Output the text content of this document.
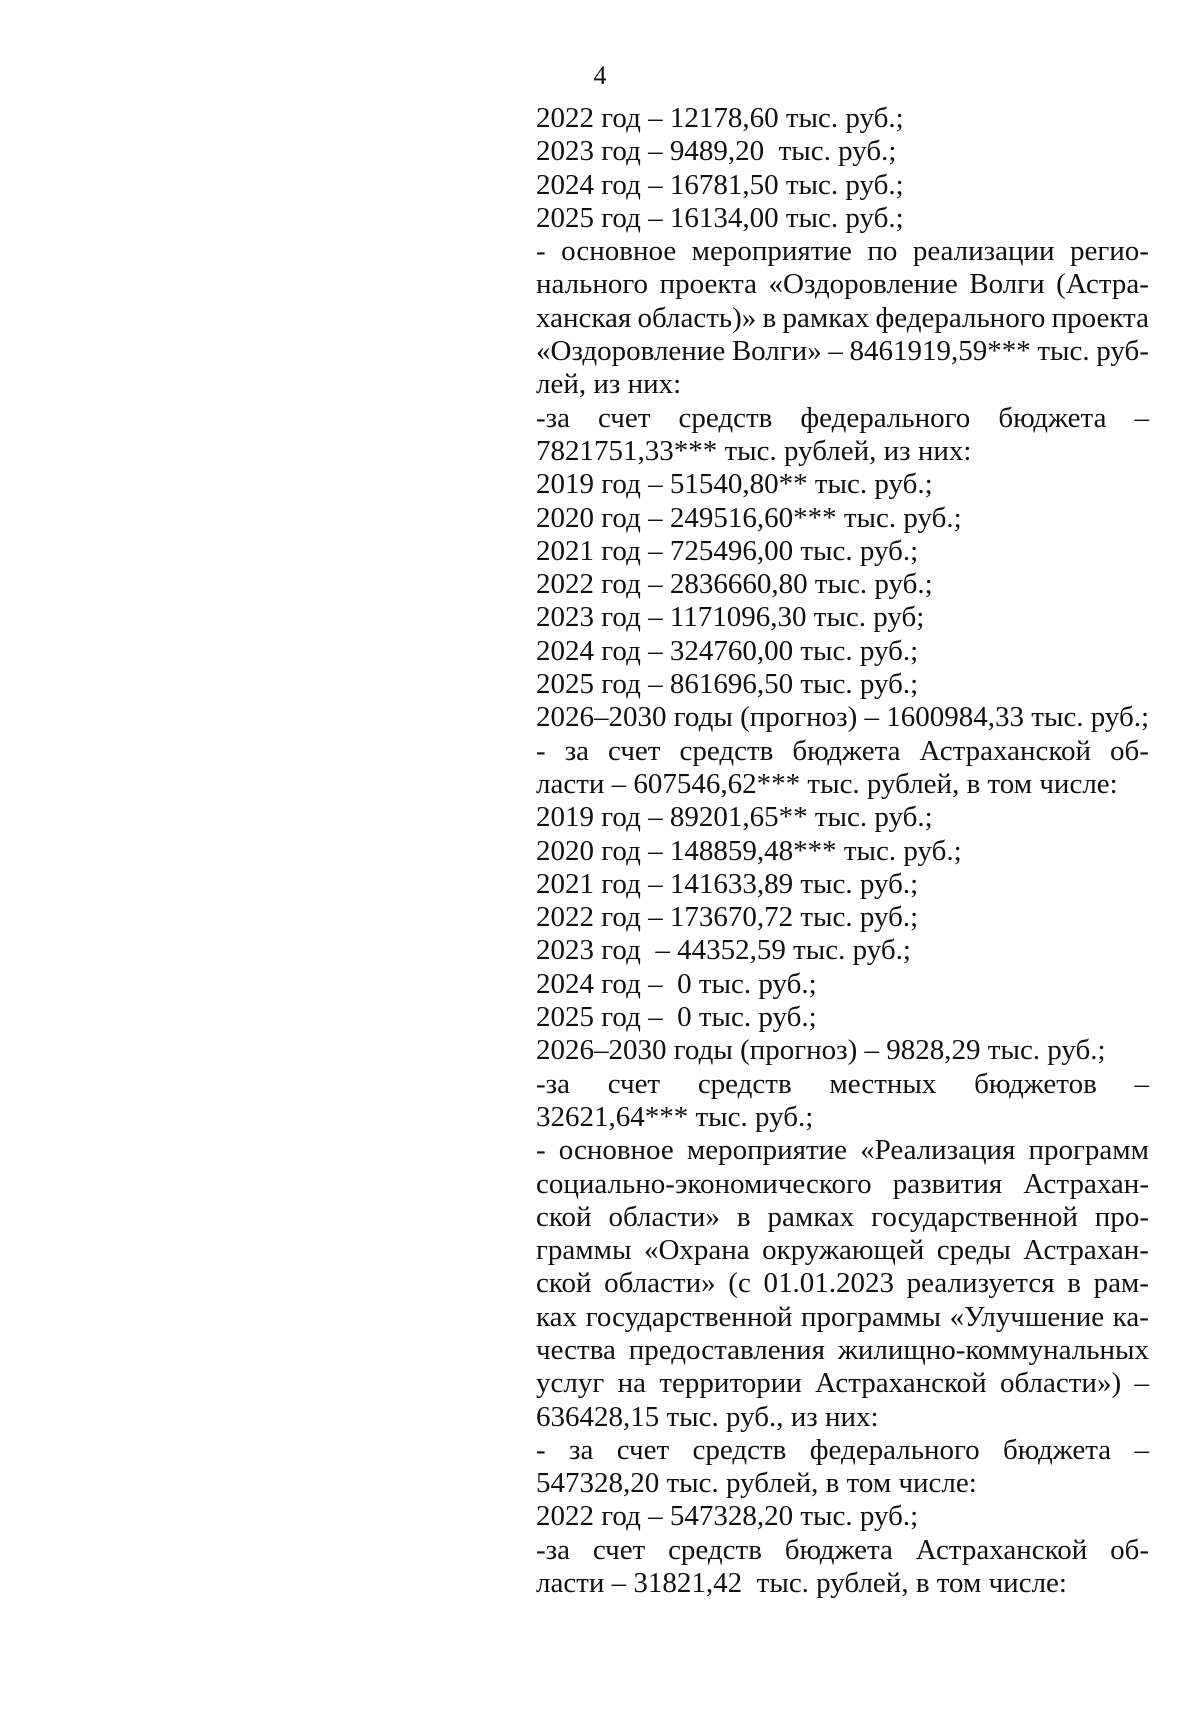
4
2022 год – 12178,60 тыс. руб.;
2023 год – 9489,20  тыс. руб.;
2024 год – 16781,50 тыс. руб.;
2025 год – 16134,00 тыс. руб.;
- основное мероприятие по реализации регио-
нального проекта «Оздоровление Волги (Астра-
ханская область)» в рамках федерального проекта
«Оздоровление Волги» – 8461919,59*** тыс. руб-
лей, из них:
-за счет средств федерального бюджета –
7821751,33*** тыс. рублей, из них:
2019 год – 51540,80** тыс. руб.;
2020 год – 249516,60*** тыс. руб.;
2021 год – 725496,00 тыс. руб.;
2022 год – 2836660,80 тыс. руб.;
2023 год – 1171096,30 тыс. руб;
2024 год – 324760,00 тыс. руб.;
2025 год – 861696,50 тыс. руб.;
2026–2030 годы (прогноз) – 1600984,33 тыс. руб.;
- за счет средств бюджета Астраханской об-
ласти – 607546,62*** тыс. рублей, в том числе:
2019 год – 89201,65** тыс. руб.;
2020 год – 148859,48*** тыс. руб.;
2021 год – 141633,89 тыс. руб.;
2022 год – 173670,72 тыс. руб.;
2023 год  – 44352,59 тыс. руб.;
2024 год –  0 тыс. руб.;
2025 год –  0 тыс. руб.;
2026–2030 годы (прогноз) – 9828,29 тыс. руб.;
-за счет средств местных бюджетов –
32621,64*** тыс. руб.;
- основное мероприятие «Реализация программ
социально-экономического развития Астрахан-
ской области» в рамках государственной про-
граммы «Охрана окружающей среды Астрахан-
ской области» (с 01.01.2023 реализуется в рам-
ках государственной программы «Улучшение ка-
чества предоставления жилищно-коммунальных
услуг на территории Астраханской области») –
636428,15 тыс. руб., из них:
- за счет средств федерального бюджета –
547328,20 тыс. рублей, в том числе:
2022 год – 547328,20 тыс. руб.;
-за счет средств бюджета Астраханской об-
ласти – 31821,42  тыс. рублей, в том числе:
